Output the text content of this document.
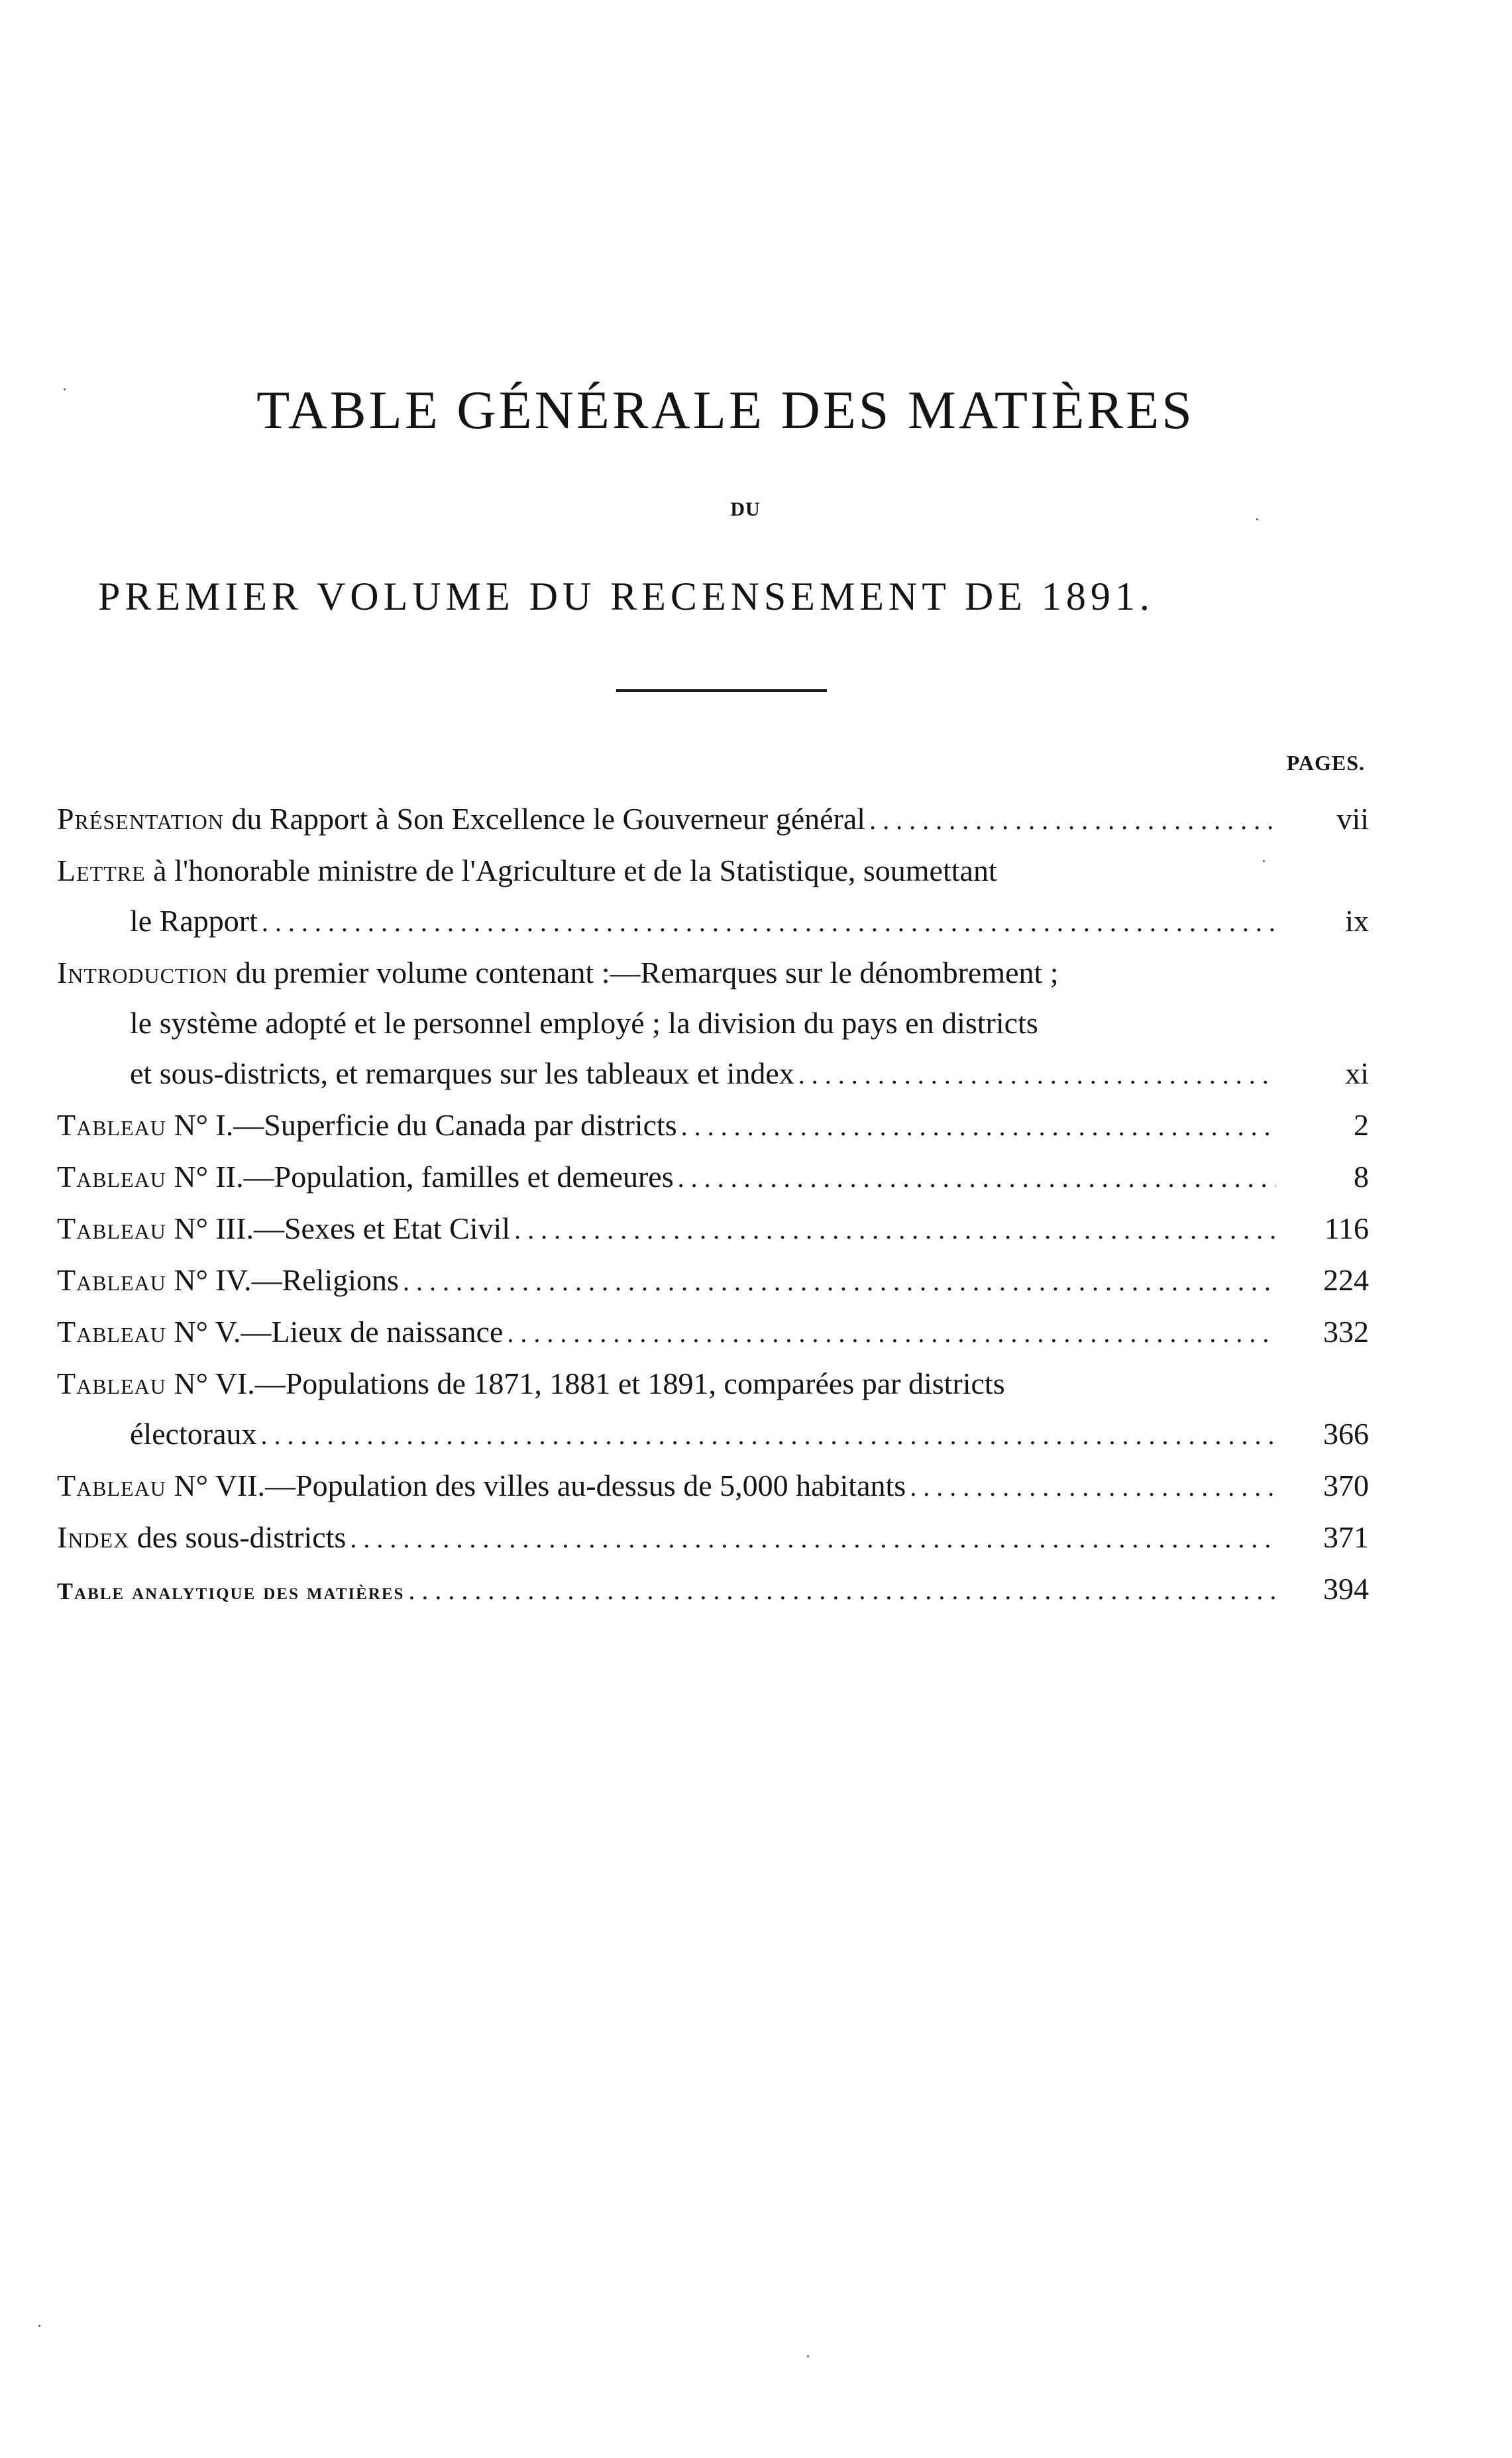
TABLE GÉNÉRALE DES MATIÈRES
DU
PREMIER VOLUME DU RECENSEMENT DE 1891.
PAGES.
Présentation du Rapport à Son Excellence le Gouverneur général . . .	vii
Lettre à l'honorable ministre de l'Agriculture et de la Statistique, soumettant
le Rapport . . .	ix
Introduction du premier volume contenant :—Remarques sur le dénombrement ;
le système adopté et le personnel employé ; la division du pays en districts
et sous-districts, et remarques sur les tableaux et index . . .	xi
Tableau N° I.—Superficie du Canada par districts . . .	2
Tableau N° II.—Population, familles et demeures . . .	8
Tableau N° III.—Sexes et Etat Civil . . .	116
Tableau N° IV.—Religions . . .	224
Tableau N° V.—Lieux de naissance . . .	332
Tableau N° VI.—Populations de 1871, 1881 et 1891, comparées par districts
électoraux . . .	366
Tableau N° VII.—Population des villes au-dessus de 5,000 habitants . . .	370
Index des sous-districts . . .	371
Table analytique des matières . . .	394
